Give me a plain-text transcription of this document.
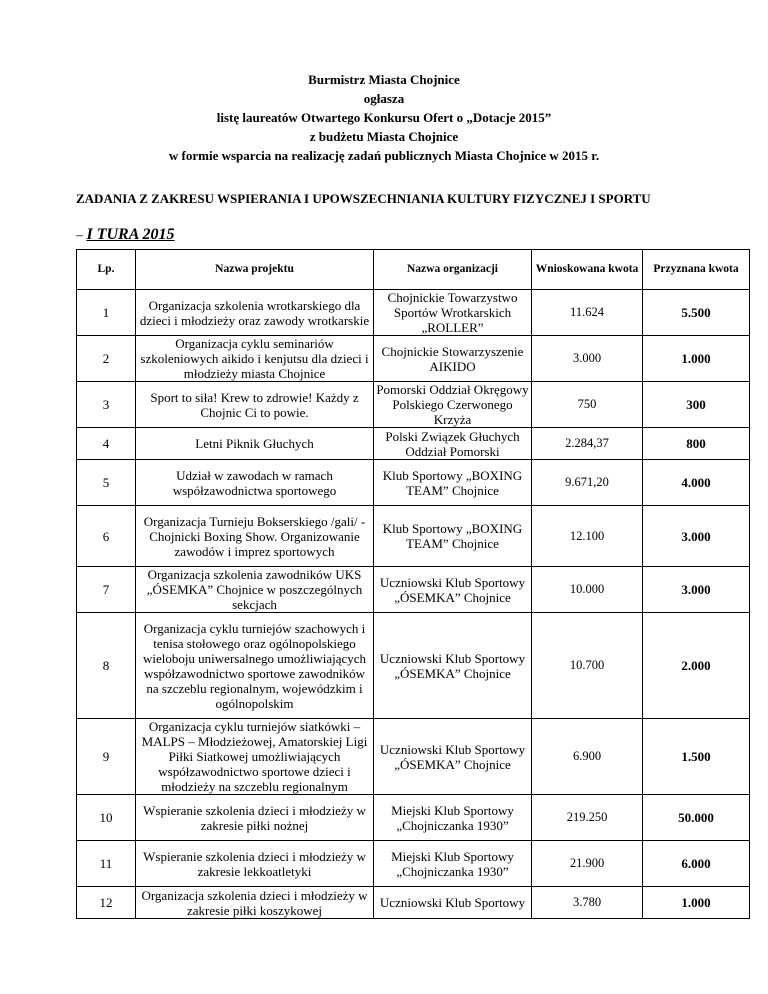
Burmistrz Miasta Chojnice
ogłasza
listę laureatów Otwartego Konkursu Ofert o „Dotacje 2015”
z budżetu Miasta Chojnice
w formie wsparcia na realizację zadań publicznych Miasta Chojnice w 2015 r.
ZADANIA Z ZAKRESU WSPIERANIA I UPOWSZECHNIANIA KULTURY FIZYCZNEJ I SPORTU
– I TURA 2015
Lp.	Nazwa projektu	Nazwa organizacji	Wnioskowana kwota	Przyznana kwota
1	Organizacja szkolenia wrotkarskiego dla dzieci i młodzieży oraz zawody wrotkarskie	Chojnickie Towarzystwo Sportów Wrotkarskich „ROLLER”	11.624	5.500
2	Organizacja cyklu seminariów szkoleniowych aikido i kenjutsu dla dzieci i młodzieży miasta Chojnice	Chojnickie Stowarzyszenie AIKIDO	3.000	1.000
3	Sport to siła! Krew to zdrowie! Każdy z Chojnic Ci to powie.	Pomorski Oddział Okręgowy Polskiego Czerwonego Krzyża	750	300
4	Letni Piknik Głuchych	Polski Związek Głuchych Oddział Pomorski	2.284,37	800
5	Udział w zawodach w ramach współzawodnictwa sportowego	Klub Sportowy „BOXING TEAM” Chojnice	9.671,20	4.000
6	Organizacja Turnieju Bokserskiego /gali/ - Chojnicki Boxing Show. Organizowanie zawodów i imprez sportowych	Klub Sportowy „BOXING TEAM” Chojnice	12.100	3.000
7	Organizacja szkolenia zawodników UKS „ÓSEMKA” Chojnice w poszczególnych sekcjach	Uczniowski Klub Sportowy „ÓSEMKA” Chojnice	10.000	3.000
8	Organizacja cyklu turniejów szachowych i tenisa stołowego oraz ogólnopolskiego wieloboju uniwersalnego umożliwiających współzawodnictwo sportowe zawodników na szczeblu regionalnym, wojewódzkim i ogólnopolskim	Uczniowski Klub Sportowy „ÓSEMKA” Chojnice	10.700	2.000
9	Organizacja cyklu turniejów siatkówki – MALPS – Młodzieżowej, Amatorskiej Ligi Piłki Siatkowej umożliwiających współzawodnictwo sportowe dzieci i młodzieży na szczeblu regionalnym	Uczniowski Klub Sportowy „ÓSEMKA” Chojnice	6.900	1.500
10	Wspieranie szkolenia dzieci i młodzieży w zakresie piłki nożnej	Miejski Klub Sportowy „Chojniczanka 1930”	219.250	50.000
11	Wspieranie szkolenia dzieci i młodzieży w zakresie lekkoatletyki	Miejski Klub Sportowy „Chojniczanka 1930”	21.900	6.000
12	Organizacja szkolenia dzieci i młodzieży w zakresie piłki koszykowej	Uczniowski Klub Sportowy	3.780	1.000
